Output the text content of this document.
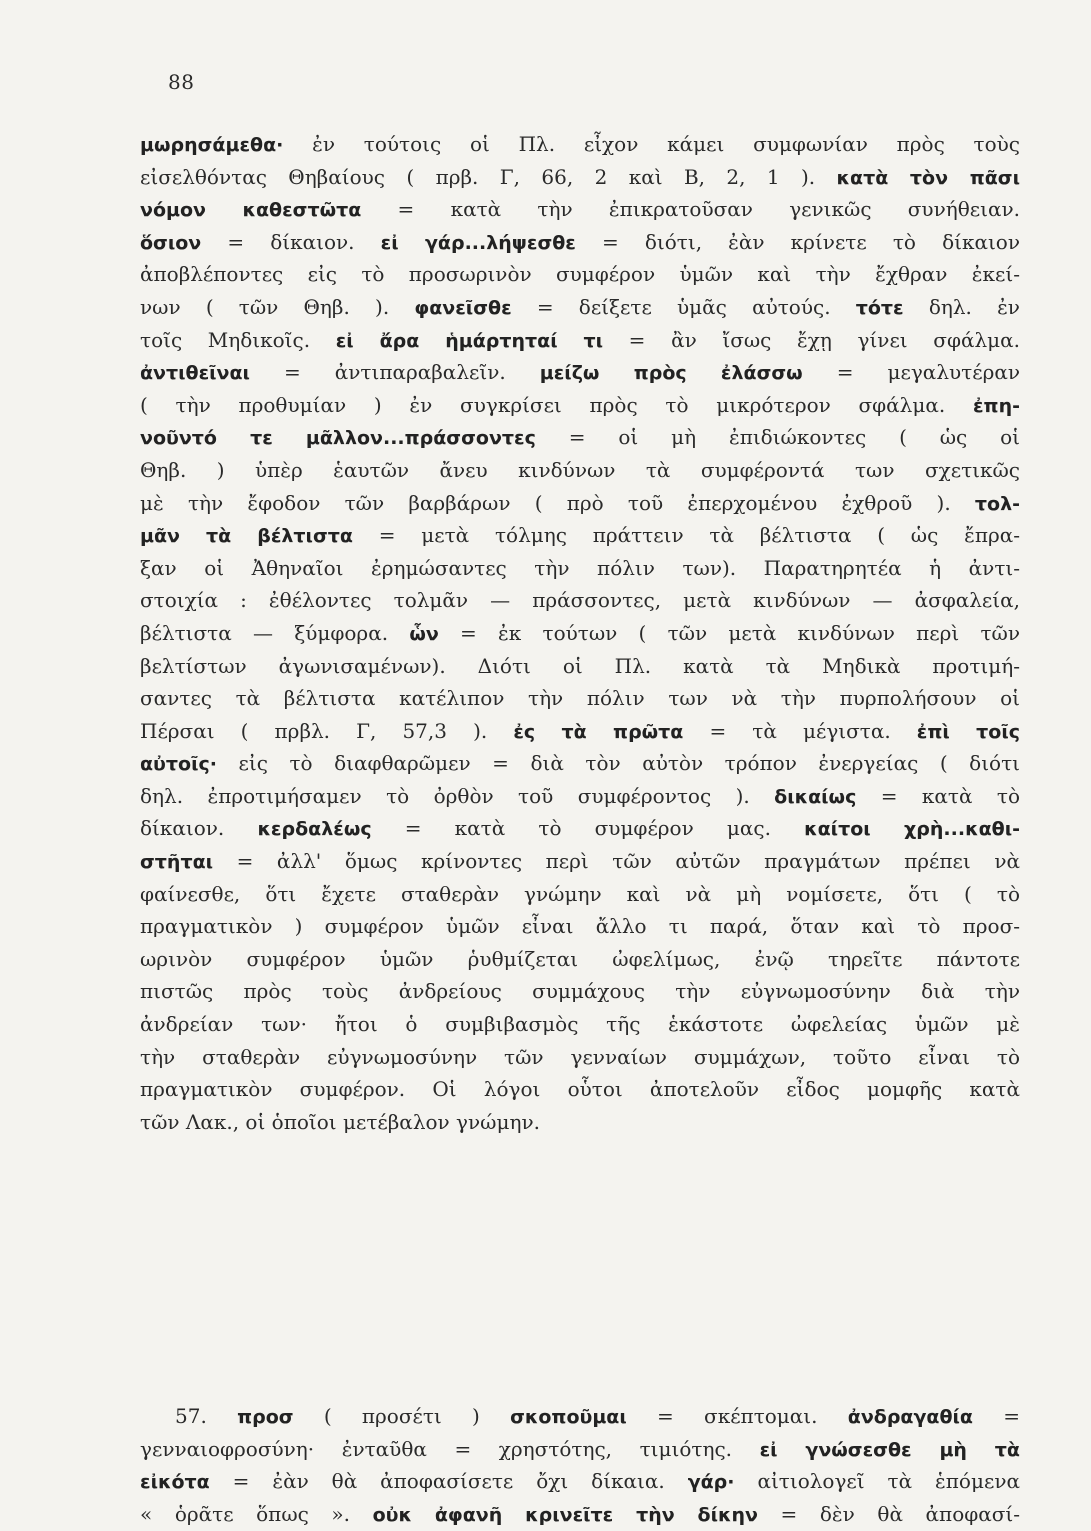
88
μωρησάμεθα· ἐν τούτοις οἱ Πλ. εἶχον κάμει συμφωνίαν πρὸς τοὺς
εἰσελθόντας Θηβαίους ( πρβ. Γ, 66, 2 καὶ Β, 2, 1 ). κατὰ τὸν πᾶσι
νόμον καθεστῶτα = κατὰ τὴν ἐπικρατοῦσαν γενικῶς συνήθειαν.
ὅσιον = δίκαιον. εἰ γάρ...λήψεσθε = διότι, ἐὰν κρίνετε τὸ δίκαιον
ἀποβλέποντες εἰς τὸ προσωρινὸν συμφέρον ὑμῶν καὶ τὴν ἔχθραν ἐκεί-
νων ( τῶν Θηβ. ). φανεῖσθε = δείξετε ὑμᾶς αὐτούς. τότε δηλ. ἐν
τοῖς Μηδικοῖς. εἰ ἄρα ἡμάρτηταί τι = ἂν ἴσως ἔχῃ γίνει σφάλμα.
ἀντιθεῖναι = ἀντιπαραβαλεῖν. μείζω πρὸς ἐλάσσω = μεγαλυτέραν
( τὴν προθυμίαν ) ἐν συγκρίσει πρὸς τὸ μικρότερον σφάλμα. ἐπη-
νοῦντό τε μᾶλλον...πράσσοντες = οἱ μὴ ἐπιδιώκοντες ( ὡς οἱ
Θηβ. ) ὑπὲρ ἑαυτῶν ἄνευ κινδύνων τὰ συμφέροντά των σχετικῶς
μὲ τὴν ἔφοδον τῶν βαρβάρων ( πρὸ τοῦ ἐπερχομένου ἐχθροῦ ). τολ-
μᾶν τὰ βέλτιστα = μετὰ τόλμης πράττειν τὰ βέλτιστα ( ὡς ἔπρα-
ξαν οἱ Ἀθηναῖοι ἐρημώσαντες τὴν πόλιν των). Παρατηρητέα ἡ ἀντι-
στοιχία : ἐθέλοντες τολμᾶν — πράσσοντες, μετὰ κινδύνων — ἀσφαλεία,
βέλτιστα — ξύμφορα. ὧν = ἐκ τούτων ( τῶν μετὰ κινδύνων περὶ τῶν
βελτίστων ἀγωνισαμένων). Διότι οἱ Πλ. κατὰ τὰ Μηδικὰ προτιμή-
σαντες τὰ βέλτιστα κατέλιπον τὴν πόλιν των νὰ τὴν πυρπολήσουν οἱ
Πέρσαι ( πρβλ. Γ, 57,3 ). ἐς τὰ πρῶτα = τὰ μέγιστα. ἐπὶ τοῖς
αὐτοῖς· εἰς τὸ διαφθαρῶμεν = διὰ τὸν αὐτὸν τρόπον ἐνεργείας ( διότι
δηλ. ἐπροτιμήσαμεν τὸ ὀρθὸν τοῦ συμφέροντος ). δικαίως = κατὰ τὸ
δίκαιον. κερδαλέως = κατὰ τὸ συμφέρον μας. καίτοι χρὴ...καθι-
στῆται = ἀλλ' ὅμως κρίνοντες περὶ τῶν αὐτῶν πραγμάτων πρέπει νὰ
φαίνεσθε, ὅτι ἔχετε σταθερὰν γνώμην καὶ νὰ μὴ νομίσετε, ὅτι ( τὸ
πραγματικὸν ) συμφέρον ὑμῶν εἶναι ἄλλο τι παρά, ὅταν καὶ τὸ προσ-
ωρινὸν συμφέρον ὑμῶν ῥυθμίζεται ὠφελίμως, ἐνῷ τηρεῖτε πάντοτε
πιστῶς πρὸς τοὺς ἀνδρείους συμμάχους τὴν εὐγνωμοσύνην διὰ τὴν
ἀνδρείαν των· ἤτοι ὁ συμβιβασμὸς τῆς ἑκάστοτε ὠφελείας ὑμῶν μὲ
τὴν σταθερὰν εὐγνωμοσύνην τῶν γενναίων συμμάχων, τοῦτο εἶναι τὸ
πραγματικὸν συμφέρον. Οἱ λόγοι οὗτοι ἀποτελοῦν εἶδος μομφῆς κατὰ
τῶν Λακ., οἱ ὁποῖοι μετέβαλον γνώμην.
57. προσ ( προσέτι ) σκοποῦμαι = σκέπτομαι. ἀνδραγαθία =
γενναιοφροσύνη· ἐνταῦθα = χρηστότης, τιμιότης. εἰ γνώσεσθε μὴ τὰ
εἰκότα = ἐὰν θὰ ἀποφασίσετε ὄχι δίκαια. γάρ· αἰτιολογεῖ τὰ ἑπόμενα
« ὁρᾶτε ὅπως ». οὐκ ἀφανῆ κρινεῖτε τὴν δίκην = δὲν θὰ ἀποφασί-
